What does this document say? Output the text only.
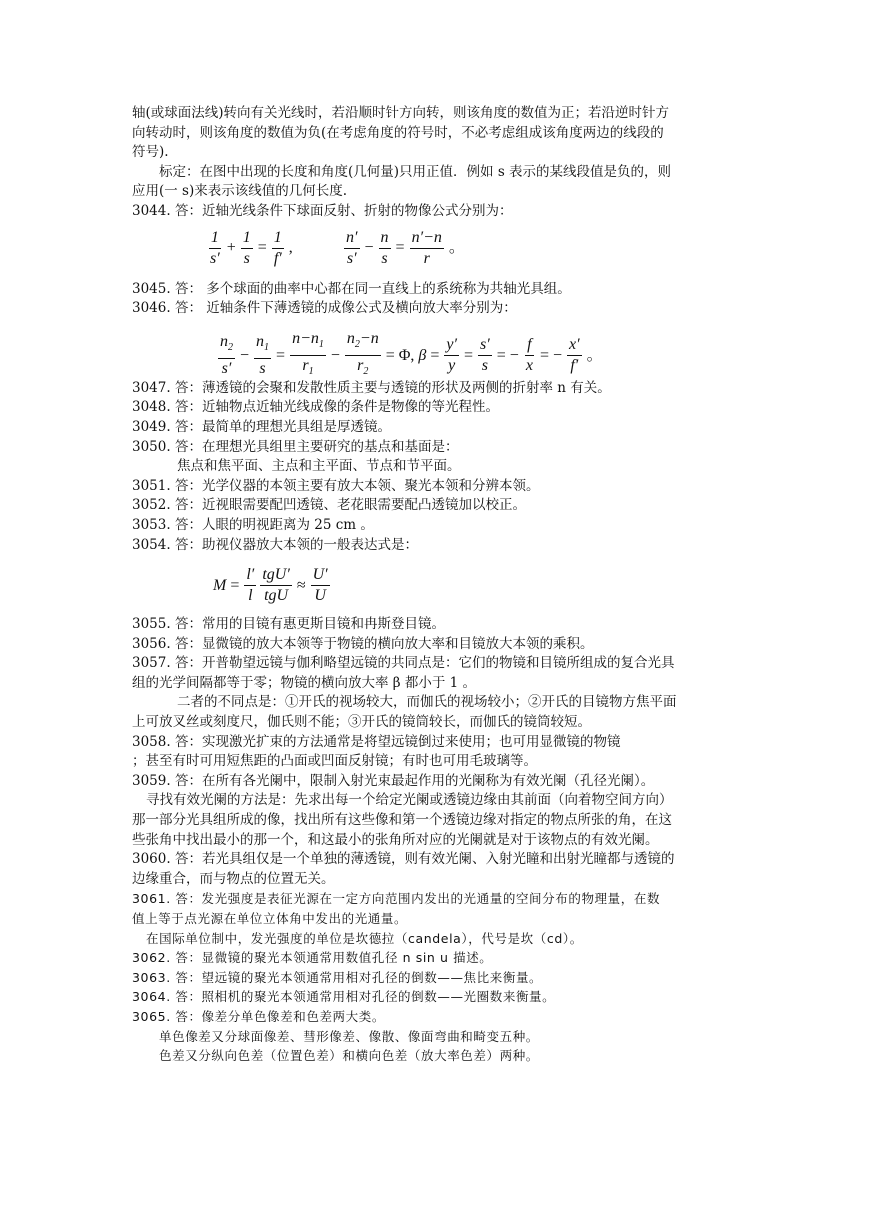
轴(或球面法线)转向有关光线时，若沿顺时针方向转，则该角度的数值为正；若沿逆时针方
向转动时，则该角度的数值为负(在考虑角度的符号时，不必考虑组成该角度两边的线段的
符号).
标定：在图中出现的长度和角度(几何量)只用正值．例如 s 表示的某线段值是负的，则
应用(一 s)来表示该线值的几何长度.
3044. 答：近轴光线条件下球面反射、折射的物像公式分别为：
$\frac{1}{s'} + \frac{1}{s} = \frac{1}{f'}$ ,	$\frac{n'}{s'} - \frac{n}{s} = \frac{n'-n}{r}$ 。
3045. 答： 多个球面的曲率中心都在同一直线上的系统称为共轴光具组。
3046. 答： 近轴条件下薄透镜的成像公式及横向放大率分别为：
$\frac{n_2}{s'} - \frac{n_1}{s} = \frac{n-n_1}{r_1} - \frac{n_2-n}{r_2} = \Phi$, $\beta = \frac{y'}{y} = \frac{s'}{s}$ = − $\frac{f}{x}$ = − $\frac{x'}{f'}$ 。
3047. 答：薄透镜的会聚和发散性质主要与透镜的形状及两侧的折射率 n 有关。
3048. 答：近轴物点近轴光线成像的条件是物像的等光程性。
3049. 答：最简单的理想光具组是厚透镜。
3050. 答：在理想光具组里主要研究的基点和基面是：
焦点和焦平面、主点和主平面、节点和节平面。
3051. 答：光学仪器的本领主要有放大本领、聚光本领和分辨本领。
3052. 答：近视眼需要配凹透镜、老花眼需要配凸透镜加以校正。
3053. 答：人眼的明视距离为 25 cm 。
3054. 答：助视仪器放大本领的一般表达式是：
$M = \frac{l'}{l} \frac{\text{tgU′}}{\text{tgU}} \approx \frac{U'}{U}$
3055. 答：常用的目镜有惠更斯目镜和冉斯登目镜。
3056. 答：显微镜的放大本领等于物镜的横向放大率和目镜放大本领的乘积。
3057. 答：开普勒望远镜与伽利略望远镜的共同点是：它们的物镜和目镜所组成的复合光具
组的光学间隔都等于零；物镜的横向放大率 β 都小于 1 。
二者的不同点是：①开氏的视场较大，而伽氏的视场较小；②开氏的目镜物方焦平面
上可放叉丝或刻度尺，伽氏则不能；③开氏的镜筒较长，而伽氏的镜筒较短。
3058. 答：实现激光扩束的方法通常是将望远镜倒过来使用；也可用显微镜的物镜
；甚至有时可用短焦距的凸面或凹面反射镜；有时也可用毛玻璃等。
3059. 答：在所有各光阑中，限制入射光束最起作用的光阑称为有效光阑（孔径光阑）。
寻找有效光阑的方法是：先求出每一个给定光阑或透镜边缘由其前面（向着物空间方向）
那一部分光具组所成的像，找出所有这些像和第一个透镜边缘对指定的物点所张的角，在这
些张角中找出最小的那一个，和这最小的张角所对应的光阑就是对于该物点的有效光阑。
3060. 答：若光具组仅是一个单独的薄透镜，则有效光阑、入射光瞳和出射光瞳都与透镜的
边缘重合，而与物点的位置无关。
3061. 答：发光强度是表征光源在一定方向范围内发出的光通量的空间分布的物理量，在数
值上等于点光源在单位立体角中发出的光通量。
在国际单位制中，发光强度的单位是坎德拉（candela），代号是坎（cd）。
3062. 答：显微镜的聚光本领通常用数值孔径 n sin u 描述。
3063. 答：望远镜的聚光本领通常用相对孔径的倒数——焦比来衡量。
3064. 答：照相机的聚光本领通常用相对孔径的倒数——光圈数来衡量。
3065. 答：像差分单色像差和色差两大类。
单色像差又分球面像差、彗形像差、像散、像面弯曲和畸变五种。
色差又分纵向色差（位置色差）和横向色差（放大率色差）两种。
